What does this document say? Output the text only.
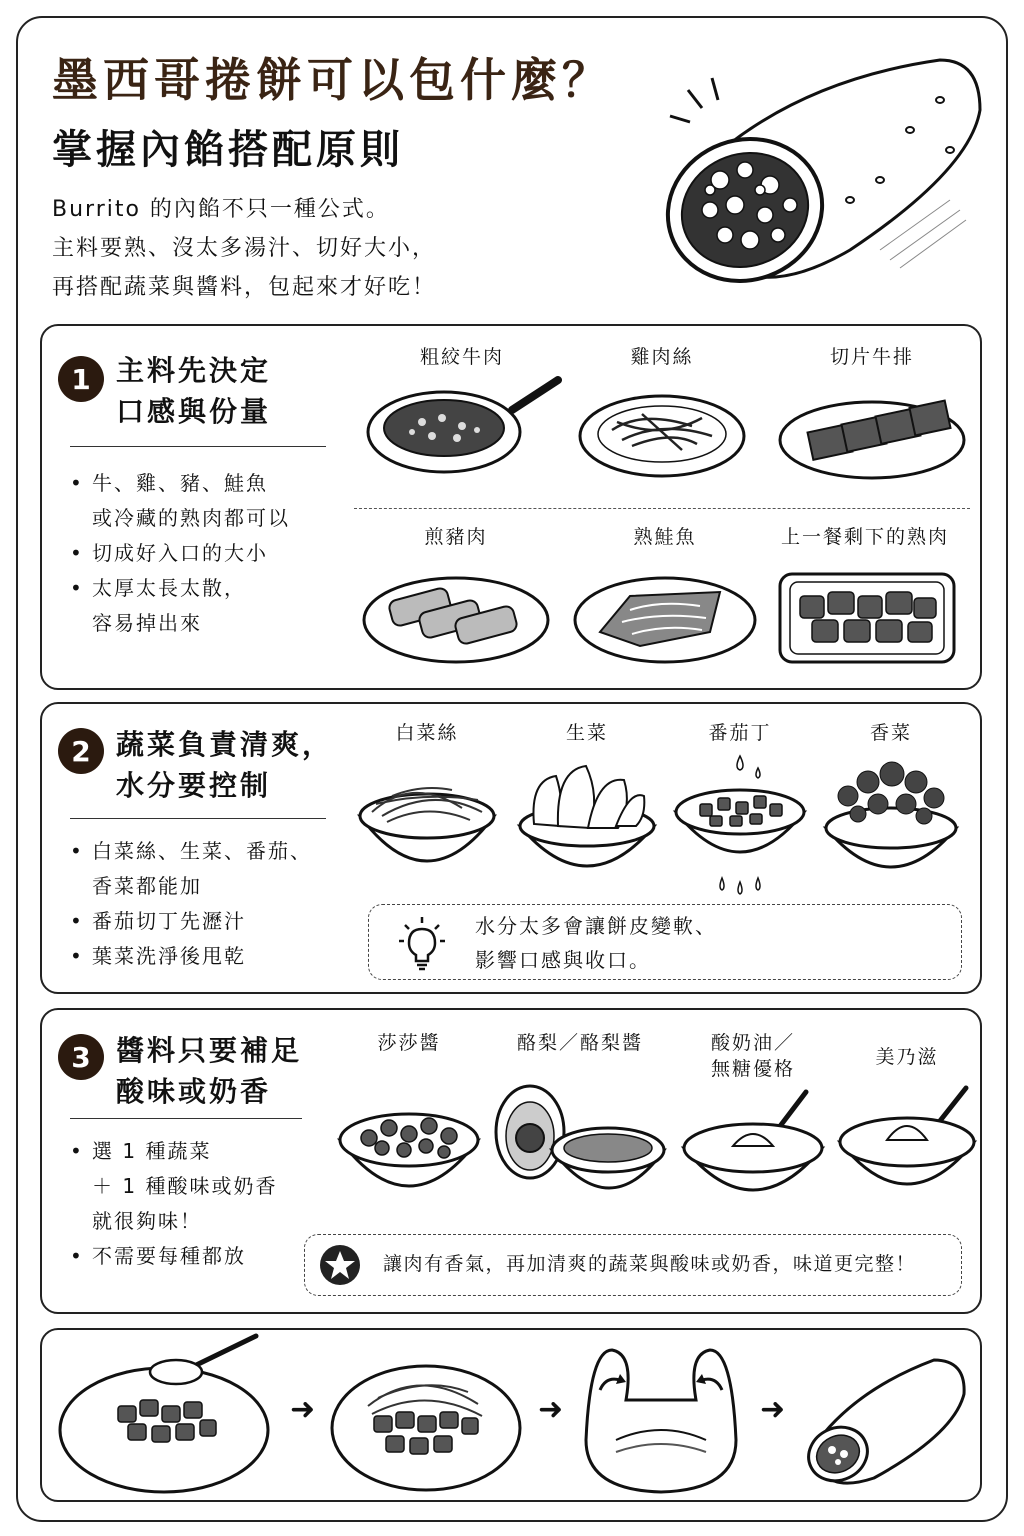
墨西哥捲餅可以包什麼？
掌握內餡搭配原則
Burrito 的內餡不只一種公式。
主料要熟、沒太多湯汁、切好大小，
再搭配蔬菜與醬料，包起來才好吃！
1 主料先決定
口感與份量
• 牛、雞、豬、鮭魚
或冷藏的熟肉都可以
• 切成好入口的大小
• 太厚太長太散，
容易掉出來
粗絞牛肉	雞肉絲	切片牛排
煎豬肉	熟鮭魚	上一餐剩下的熟肉
2 蔬菜負責清爽，
水分要控制
• 白菜絲、生菜、番茄、
香菜都能加
• 番茄切丁先瀝汁
• 葉菜洗淨後甩乾
白菜絲	生菜	番茄丁	香菜
水分太多會讓餅皮變軟、
影響口感與收口。
3 醬料只要補足
酸味或奶香
• 選 1 種蔬菜
＋ 1 種酸味或奶香
就很夠味！
• 不需要每種都放
莎莎醬	酪梨／酪梨醬	酸奶油／
無糖優格
美乃滋
讓肉有香氣，再加清爽的蔬菜與酸味或奶香，味道更完整！
➜	➜	➜
